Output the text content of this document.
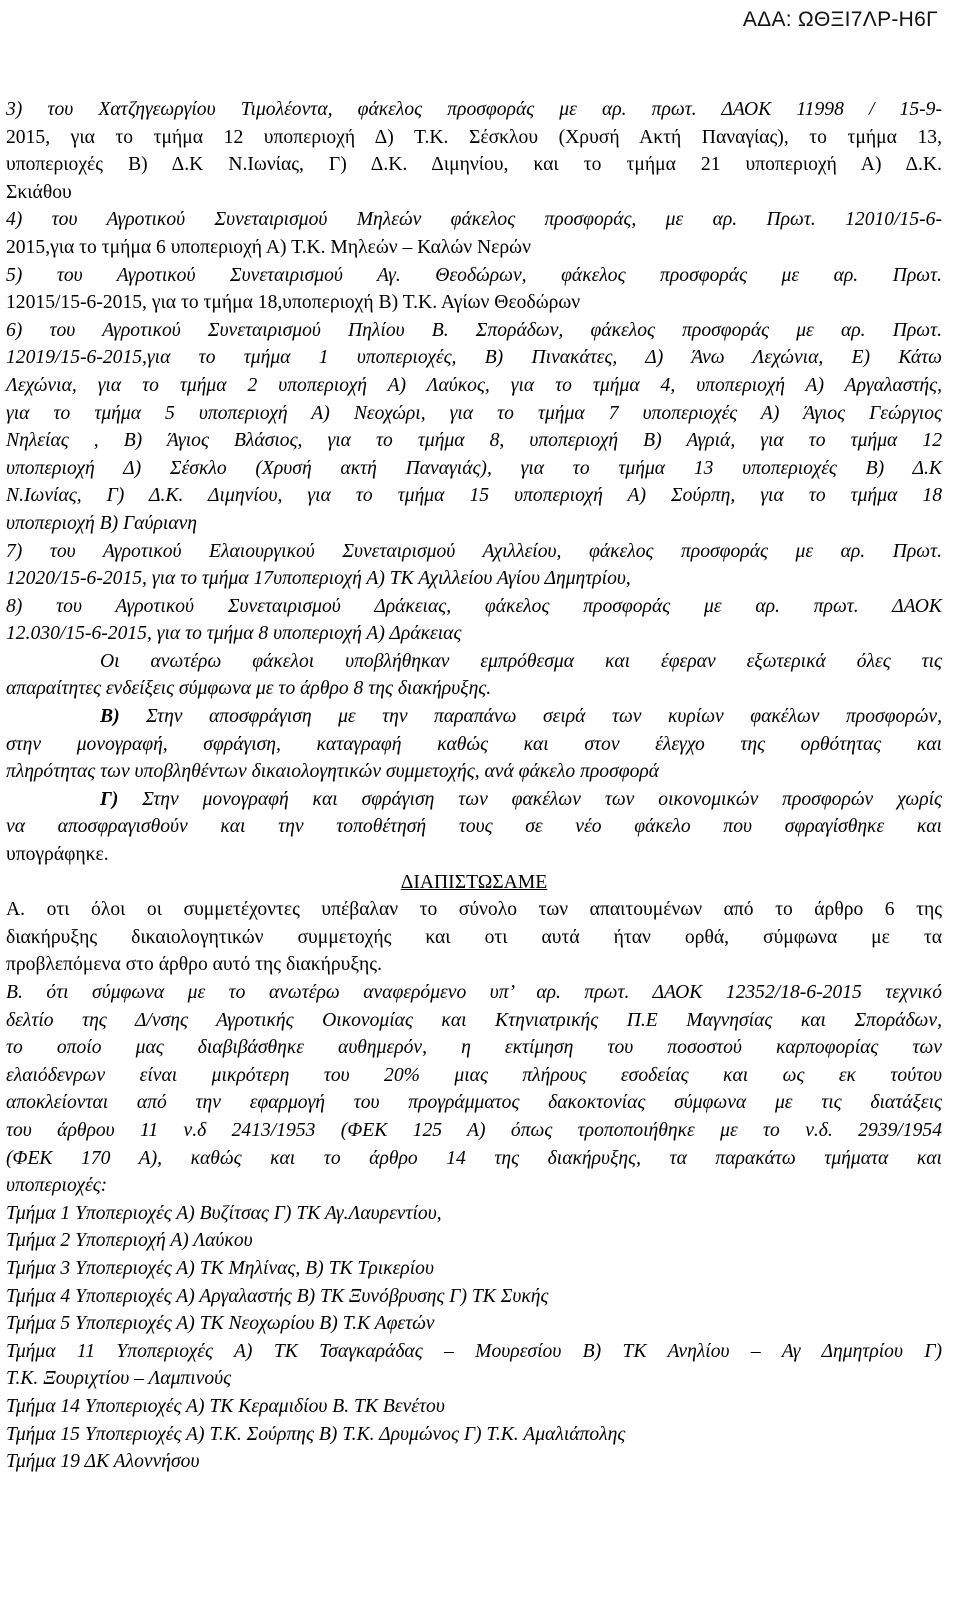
ΑΔΑ: ΩΘΞΙ7ΛΡ-Η6Γ
3) του Χατζηγεωργίου Τιμολέοντα, φάκελος προσφοράς με αρ. πρωτ. ΔΑΟΚ 11998 / 15-9-
2015, για το τμήμα 12 υποπεριοχή Δ) Τ.Κ. Σέσκλου (Χρυσή Ακτή Παναγίας), το τμήμα 13,
υποπεριοχές Β) Δ.Κ Ν.Ιωνίας, Γ) Δ.Κ. Διμηνίου, και το τμήμα 21 υποπεριοχή Α) Δ.Κ.
Σκιάθου
4) του Αγροτικού Συνεταιρισμού Μηλεών φάκελος προσφοράς, με αρ. Πρωτ. 12010/15-6-
2015,για το τμήμα 6 υποπεριοχή Α) Τ.Κ. Μηλεών – Καλών Νερών
5) του Αγροτικού Συνεταιρισμού Αγ. Θεοδώρων, φάκελος προσφοράς με αρ. Πρωτ.
12015/15-6-2015, για το τμήμα 18,υποπεριοχή Β) Τ.Κ. Αγίων Θεοδώρων
6) του Αγροτικού Συνεταιρισμού Πηλίου Β. Σποράδων, φάκελος προσφοράς με αρ. Πρωτ.
12019/15-6-2015,για το τμήμα 1 υποπεριοχές, Β) Πινακάτες, Δ) Άνω Λεχώνια, Ε) Κάτω
Λεχώνια, για το τμήμα 2 υποπεριοχή Α) Λαύκος, για το τμήμα 4, υποπεριοχή Α) Αργαλαστής,
για το τμήμα 5 υποπεριοχή Α) Νεοχώρι, για το τμήμα 7 υποπεριοχές Α) Άγιος Γεώργιος
Νηλείας , Β) Άγιος Βλάσιος, για το τμήμα 8, υποπεριοχή Β) Αγριά, για το τμήμα 12
υποπεριοχή Δ) Σέσκλο (Χρυσή ακτή Παναγιάς), για το τμήμα 13 υποπεριοχές Β) Δ.Κ
Ν.Ιωνίας, Γ) Δ.Κ. Διμηνίου, για το τμήμα 15 υποπεριοχή Α) Σούρπη, για το τμήμα 18
υποπεριοχή Β) Γαύριανη
7) του Αγροτικού Ελαιουργικού Συνεταιρισμού Αχιλλείου, φάκελος προσφοράς με αρ. Πρωτ.
12020/15-6-2015, για το τμήμα 17υποπεριοχή Α) ΤΚ Αχιλλείου Αγίου Δημητρίου,
8) του Αγροτικού Συνεταιρισμού Δράκειας, φάκελος προσφοράς με αρ. πρωτ. ΔΑΟΚ
12.030/15-6-2015, για το τμήμα 8 υποπεριοχή Α) Δράκειας
Οι ανωτέρω φάκελοι υποβλήθηκαν εμπρόθεσμα και έφεραν εξωτερικά όλες τις
απαραίτητες ενδείξεις σύμφωνα με το άρθρο 8 της διακήρυξης.
Β) Στην αποσφράγιση με την παραπάνω σειρά των κυρίων φακέλων προσφορών,
στην μονογραφή, σφράγιση, καταγραφή καθώς και στον έλεγχο της ορθότητας και
πληρότητας των υποβληθέντων δικαιολογητικών συμμετοχής, ανά φάκελο προσφορά
Γ) Στην μονογραφή και σφράγιση των φακέλων των οικονομικών προσφορών χωρίς
να αποσφραγισθούν και την τοποθέτησή τους σε νέο φάκελο που σφραγίσθηκε και
υπογράφηκε.
ΔΙΑΠΙΣΤΩΣΑΜΕ
Α. οτι όλοι οι συμμετέχοντες υπέβαλαν το σύνολο των απαιτουμένων από το άρθρο 6 της
διακήρυξης δικαιολογητικών συμμετοχής και οτι αυτά ήταν ορθά, σύμφωνα με τα
προβλεπόμενα στο άρθρο αυτό της διακήρυξης.
Β. ότι σύμφωνα με το ανωτέρω αναφερόμενο υπ’ αρ. πρωτ. ΔΑΟΚ 12352/18-6-2015 τεχνικό
δελτίο της Δ/νσης Αγροτικής Οικονομίας και Κτηνιατρικής Π.Ε Μαγνησίας και Σποράδων,
το οποίο μας διαβιβάσθηκε αυθημερόν, η εκτίμηση του ποσοστού καρποφορίας των
ελαιόδενρων είναι μικρότερη του 20% μιας πλήρους εσοδείας και ως εκ τούτου
αποκλείονται από την εφαρμογή του προγράμματος δακοκτονίας σύμφωνα με τις διατάξεις
του άρθρου 11 ν.δ 2413/1953 (ΦΕΚ 125 Α) όπως τροποποιήθηκε με το ν.δ. 2939/1954
(ΦΕΚ 170 Α), καθώς και το άρθρο 14 της διακήρυξης, τα παρακάτω τμήματα και
υποπεριοχές:
Τμήμα 1 Υποπεριοχές Α) Βυζίτσας Γ) ΤΚ Αγ.Λαυρεντίου,
Τμήμα 2 Υποπεριοχή Α) Λαύκου
Τμήμα 3 Υποπεριοχές Α) ΤΚ Μηλίνας, Β) ΤΚ Τρικερίου
Τμήμα 4 Υποπεριοχές Α) Αργαλαστής Β) ΤΚ Ξυνόβρυσης Γ) ΤΚ Συκής
Τμήμα 5 Υποπεριοχές Α) ΤΚ Νεοχωρίου Β) Τ.Κ Αφετών
Τμήμα 11 Υποπεριοχές Α) ΤΚ Τσαγκαράδας – Μουρεσίου Β) ΤΚ Ανηλίου – Αγ Δημητρίου Γ)
Τ.Κ. Ξουριχτίου – Λαμπινούς
Τμήμα 14 Υποπεριοχές Α) ΤΚ Κεραμιδίου Β. ΤΚ Βενέτου
Τμήμα 15 Υποπεριοχές Α) Τ.Κ. Σούρπης Β) Τ.Κ. Δρυμώνος Γ) Τ.Κ. Αμαλιάπολης
Τμήμα 19 ΔΚ Αλοννήσου
